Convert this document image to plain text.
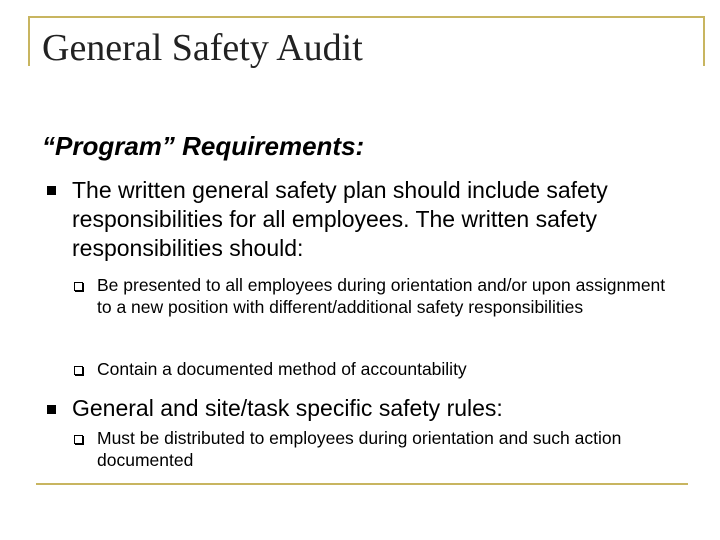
General Safety Audit
“Program” Requirements:
The written general safety plan should include safety responsibilities for all employees. The written safety responsibilities should:
Be presented to all employees during orientation and/or upon assignment to a new position with different/additional safety responsibilities
Contain a documented method of accountability
General and site/task specific safety rules:
Must be distributed to employees during orientation and such action documented
